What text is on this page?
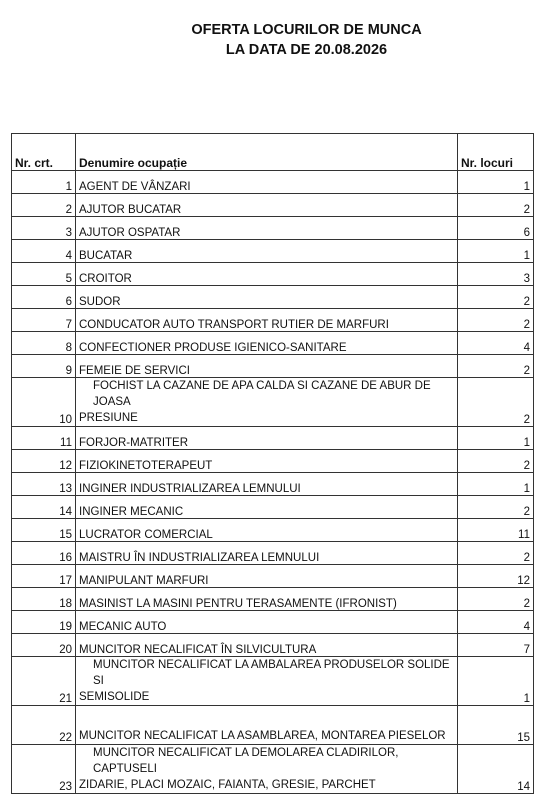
OFERTA LOCURILOR DE MUNCA
LA DATA DE 20.08.2026
Nr. crt.	Denumire ocupație	Nr. locuri
1	AGENT DE VÂNZARI	1
2	AJUTOR BUCATAR	2
3	AJUTOR OSPATAR	6
4	BUCATAR	1
5	CROITOR	3
6	SUDOR	2
7	CONDUCATOR AUTO TRANSPORT RUTIER DE MARFURI	2
8	CONFECTIONER PRODUSE IGIENICO-SANITARE	4
9	FEMEIE DE SERVICI	2
10	FOCHIST LA CAZANE DE APA CALDA SI CAZANE DE ABUR DE JOASA
PRESIUNE	2
11	FORJOR-MATRITER	1
12	FIZIOKINETOTERAPEUT	2
13	INGINER INDUSTRIALIZAREA LEMNULUI	1
14	INGINER MECANIC	2
15	LUCRATOR COMERCIAL	11
16	MAISTRU ÎN INDUSTRIALIZAREA LEMNULUI	2
17	MANIPULANT MARFURI	12
18	MASINIST LA MASINI PENTRU TERASAMENTE (IFRONIST)	2
19	MECANIC AUTO	4
20	MUNCITOR NECALIFICAT ÎN SILVICULTURA	7
21	MUNCITOR NECALIFICAT LA AMBALAREA PRODUSELOR SOLIDE SI
SEMISOLIDE	1
22	MUNCITOR NECALIFICAT LA ASAMBLAREA, MONTAREA PIESELOR	15
23	MUNCITOR NECALIFICAT LA DEMOLAREA CLADIRILOR, CAPTUSELI
ZIDARIE, PLACI MOZAIC, FAIANTA, GRESIE, PARCHET	14
